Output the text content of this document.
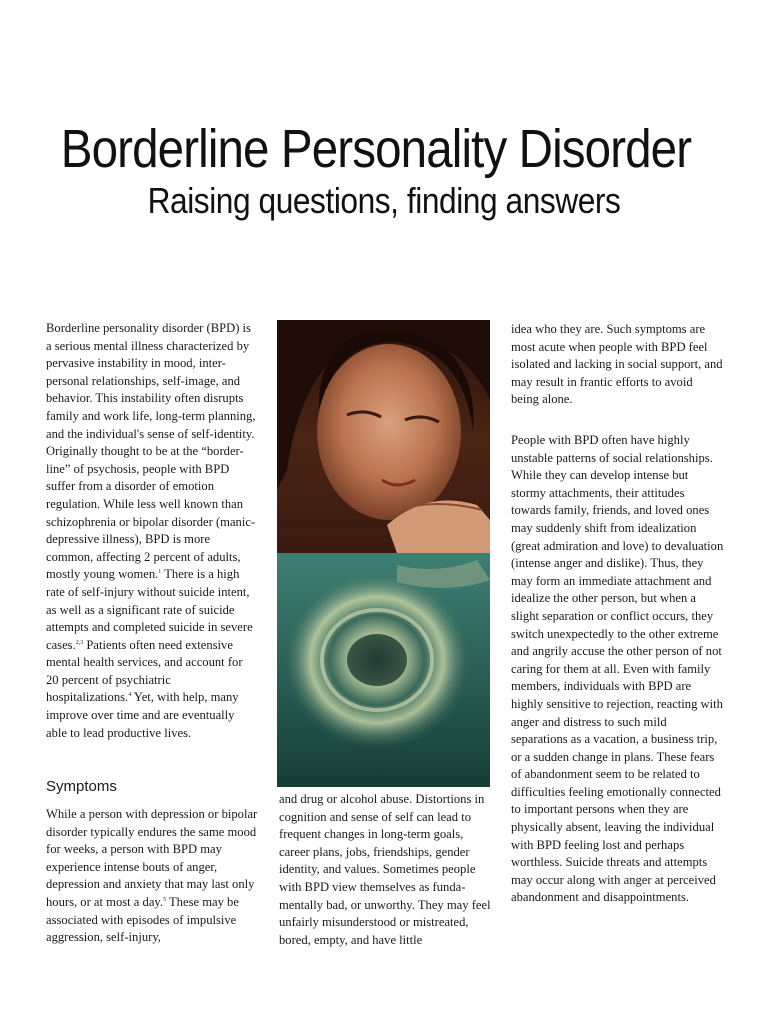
Borderline Personality Disorder
Raising questions, finding answers

Borderline personality disorder (BPD) is a serious mental illness characterized by pervasive instability in mood, inter-personal relationships, self-image, and behavior. This instability often disrupts family and work life, long-term planning, and the individual's sense of self-identity. Originally thought to be at the “border-line” of psychosis, people with BPD suffer from a disorder of emotion regulation. While less well known than schizophrenia or bipolar disorder (manic-depressive illness), BPD is more common, affecting 2 percent of adults, mostly young women.$^1$ There is a high rate of self-injury without suicide intent, as well as a significant rate of suicide attempts and completed suicide in severe cases.$^{2,3}$ Patients often need extensive mental health services, and account for 20 percent of psychiatric hospitalizations.$^4$ Yet, with help, many improve over time and are eventually able to lead productive lives.

Symptoms

While a person with depression or bipolar disorder typically endures the same mood for weeks, a person with BPD may experience intense bouts of anger, depression and anxiety that may last only hours, or at most a day.$^5$ These may be associated with episodes of impulsive aggression, self-injury,

and drug or alcohol abuse. Distortions in cognition and sense of self can lead to frequent changes in long-term goals, career plans, jobs, friendships, gender identity, and values. Sometimes people with BPD view themselves as fundamentally bad, or unworthy. They may feel unfairly misunderstood or mistreated, bored, empty, and have little

idea who they are. Such symptoms are most acute when people with BPD feel isolated and lacking in social support, and may result in frantic efforts to avoid being alone.

People with BPD often have highly unstable patterns of social relationships. While they can develop intense but stormy attachments, their attitudes towards family, friends, and loved ones may suddenly shift from idealization (great admiration and love) to devaluation (intense anger and dislike). Thus, they may form an immediate attachment and idealize the other person, but when a slight separation or conflict occurs, they switch unexpectedly to the other extreme and angrily accuse the other person of not caring for them at all. Even with family members, individuals with BPD are highly sensitive to rejection, reacting with anger and distress to such mild separations as a vacation, a business trip, or a sudden change in plans. These fears of abandonment seem to be related to difficulties feeling emotionally connected to important persons when they are physically absent, leaving the individual with BPD feeling lost and perhaps worthless. Suicide threats and attempts may occur along with anger at perceived abandonment and disappointments.
